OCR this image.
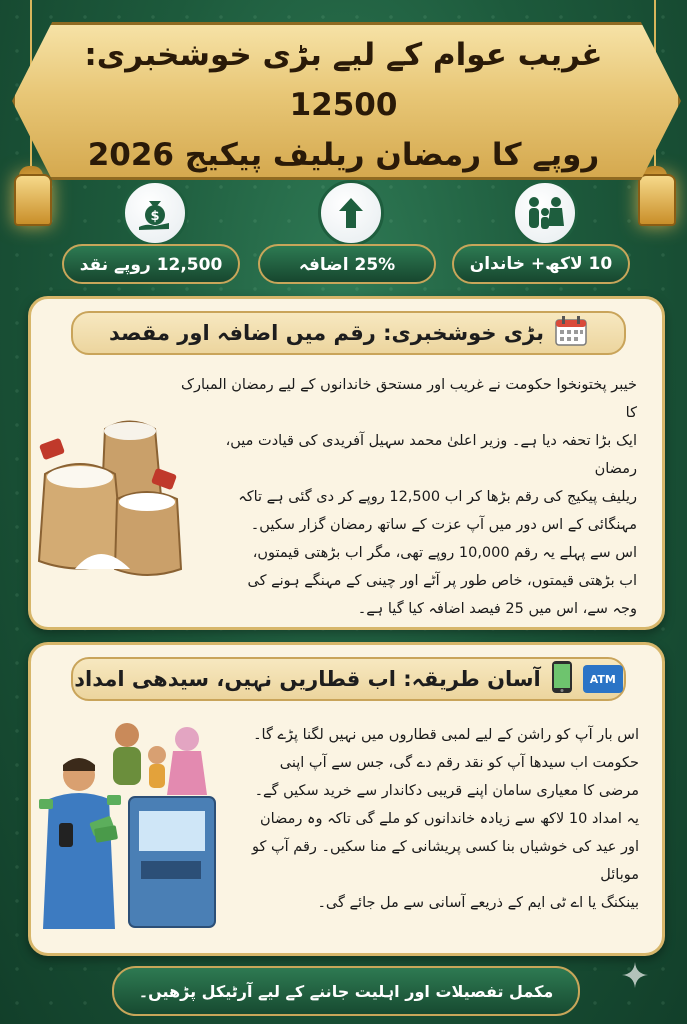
غریب عوام کے لیے بڑی خوشخبری: 12500

روپے کا رمضان ریلیف پیکیج 2026

$
12,500 روپے نقد	25% اضافہ	10 لاکھ+ خاندان
بڑی خوشخبری: رقم میں اضافہ اور مقصد
خیبر پختونخوا حکومت نے غریب اور مستحق خاندانوں کے لیے رمضان المبارک کا
ایک بڑا تحفہ دیا ہے۔ وزیر اعلیٰ محمد سہیل آفریدی کی قیادت میں، رمضان
ریلیف پیکیج کی رقم بڑھا کر اب 12,500 روپے کر دی گئی ہے تاکہ
مہنگائی کے اس دور میں آپ عزت کے ساتھ رمضان گزار سکیں۔
اس سے پہلے یہ رقم 10,000 روپے تھی، مگر اب بڑھتی قیمتوں،
اب بڑھتی قیمتوں، خاص طور پر آٹے اور چینی کے مہنگے ہونے کی
وجہ سے، اس میں 25 فیصد اضافہ کیا گیا ہے۔
ATM
آسان طریقہ: اب قطاریں نہیں، سیدھی امداد
اس بار آپ کو راشن کے لیے لمبی قطاروں میں نہیں لگنا پڑے گا۔
حکومت اب سیدھا آپ کو نقد رقم دے گی، جس سے آپ اپنی
مرضی کا معیاری سامان اپنے قریبی دکاندار سے خرید سکیں گے۔
یہ امداد 10 لاکھ سے زیادہ خاندانوں کو ملے گی تاکہ وہ رمضان
اور عید کی خوشیاں بنا کسی پریشانی کے منا سکیں۔ رقم آپ کو موبائل
بینکنگ یا اے ٹی ایم کے ذریعے آسانی سے مل جائے گی۔
مکمل تفصیلات اور اہلیت جاننے کے لیے آرٹیکل پڑھیں۔
